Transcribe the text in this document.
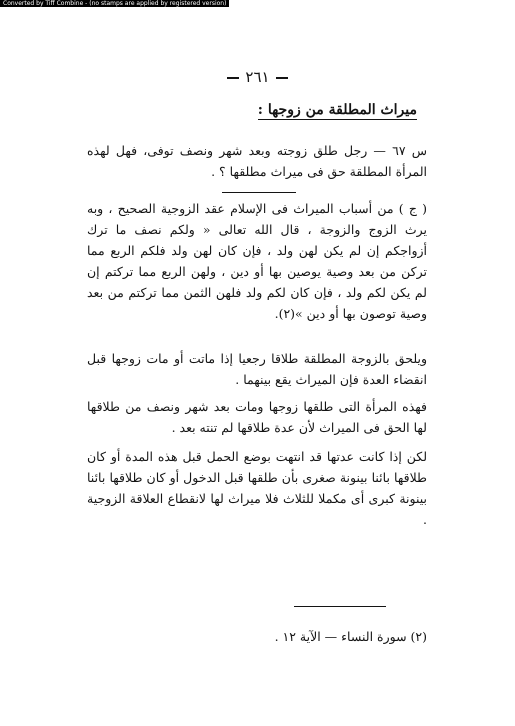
Converted by Tiff Combine - (no stamps are applied by registered version)
٢٦١
ميراث المطلقة من زوجها :
س ٦٧ — رجل طلق زوجته وبعد شهر ونصف توفى، فهل لهذه المرأة المطلقة حق فى ميراث مطلقها ؟ .
( ج ) من أسباب الميراث فى الإسلام عقد الزوجية الصحيح ، وبه يرث الزوج والزوجة ، قال الله تعالى « ولكم نصف ما ترك أزواجكم إن لم يكن لهن ولد ، فإن كان لهن ولد فلكم الربع مما تركن من بعد وصية يوصين بها أو دين ، ولهن الربع مما تركتم إن لم يكن لكم ولد ، فإن كان لكم ولد فلهن الثمن مما تركتم من بعد وصية توصون بها أو دين »(٢).
ويلحق بالزوجة المطلقة طلاقا رجعيا إذا ماتت أو مات زوجها قبل انقضاء العدة فإن الميراث يقع بينهما .
فهذه المرأة التى طلقها زوجها ومات بعد شهر ونصف من طلاقها لها الحق فى الميراث لأن عدة طلاقها لم تنته بعد .
لكن إذا كانت عدتها قد انتهت بوضع الحمل قبل هذه المدة أو كان طلاقها بائنا بينونة صغرى بأن طلقها قبل الدخول أو كان طلاقها بائنا بينونة كبرى أى مكملا للثلاث فلا ميراث لها لانقطاع العلاقة الزوجية .
(٢) سورة النساء — الآية ١٢ .
